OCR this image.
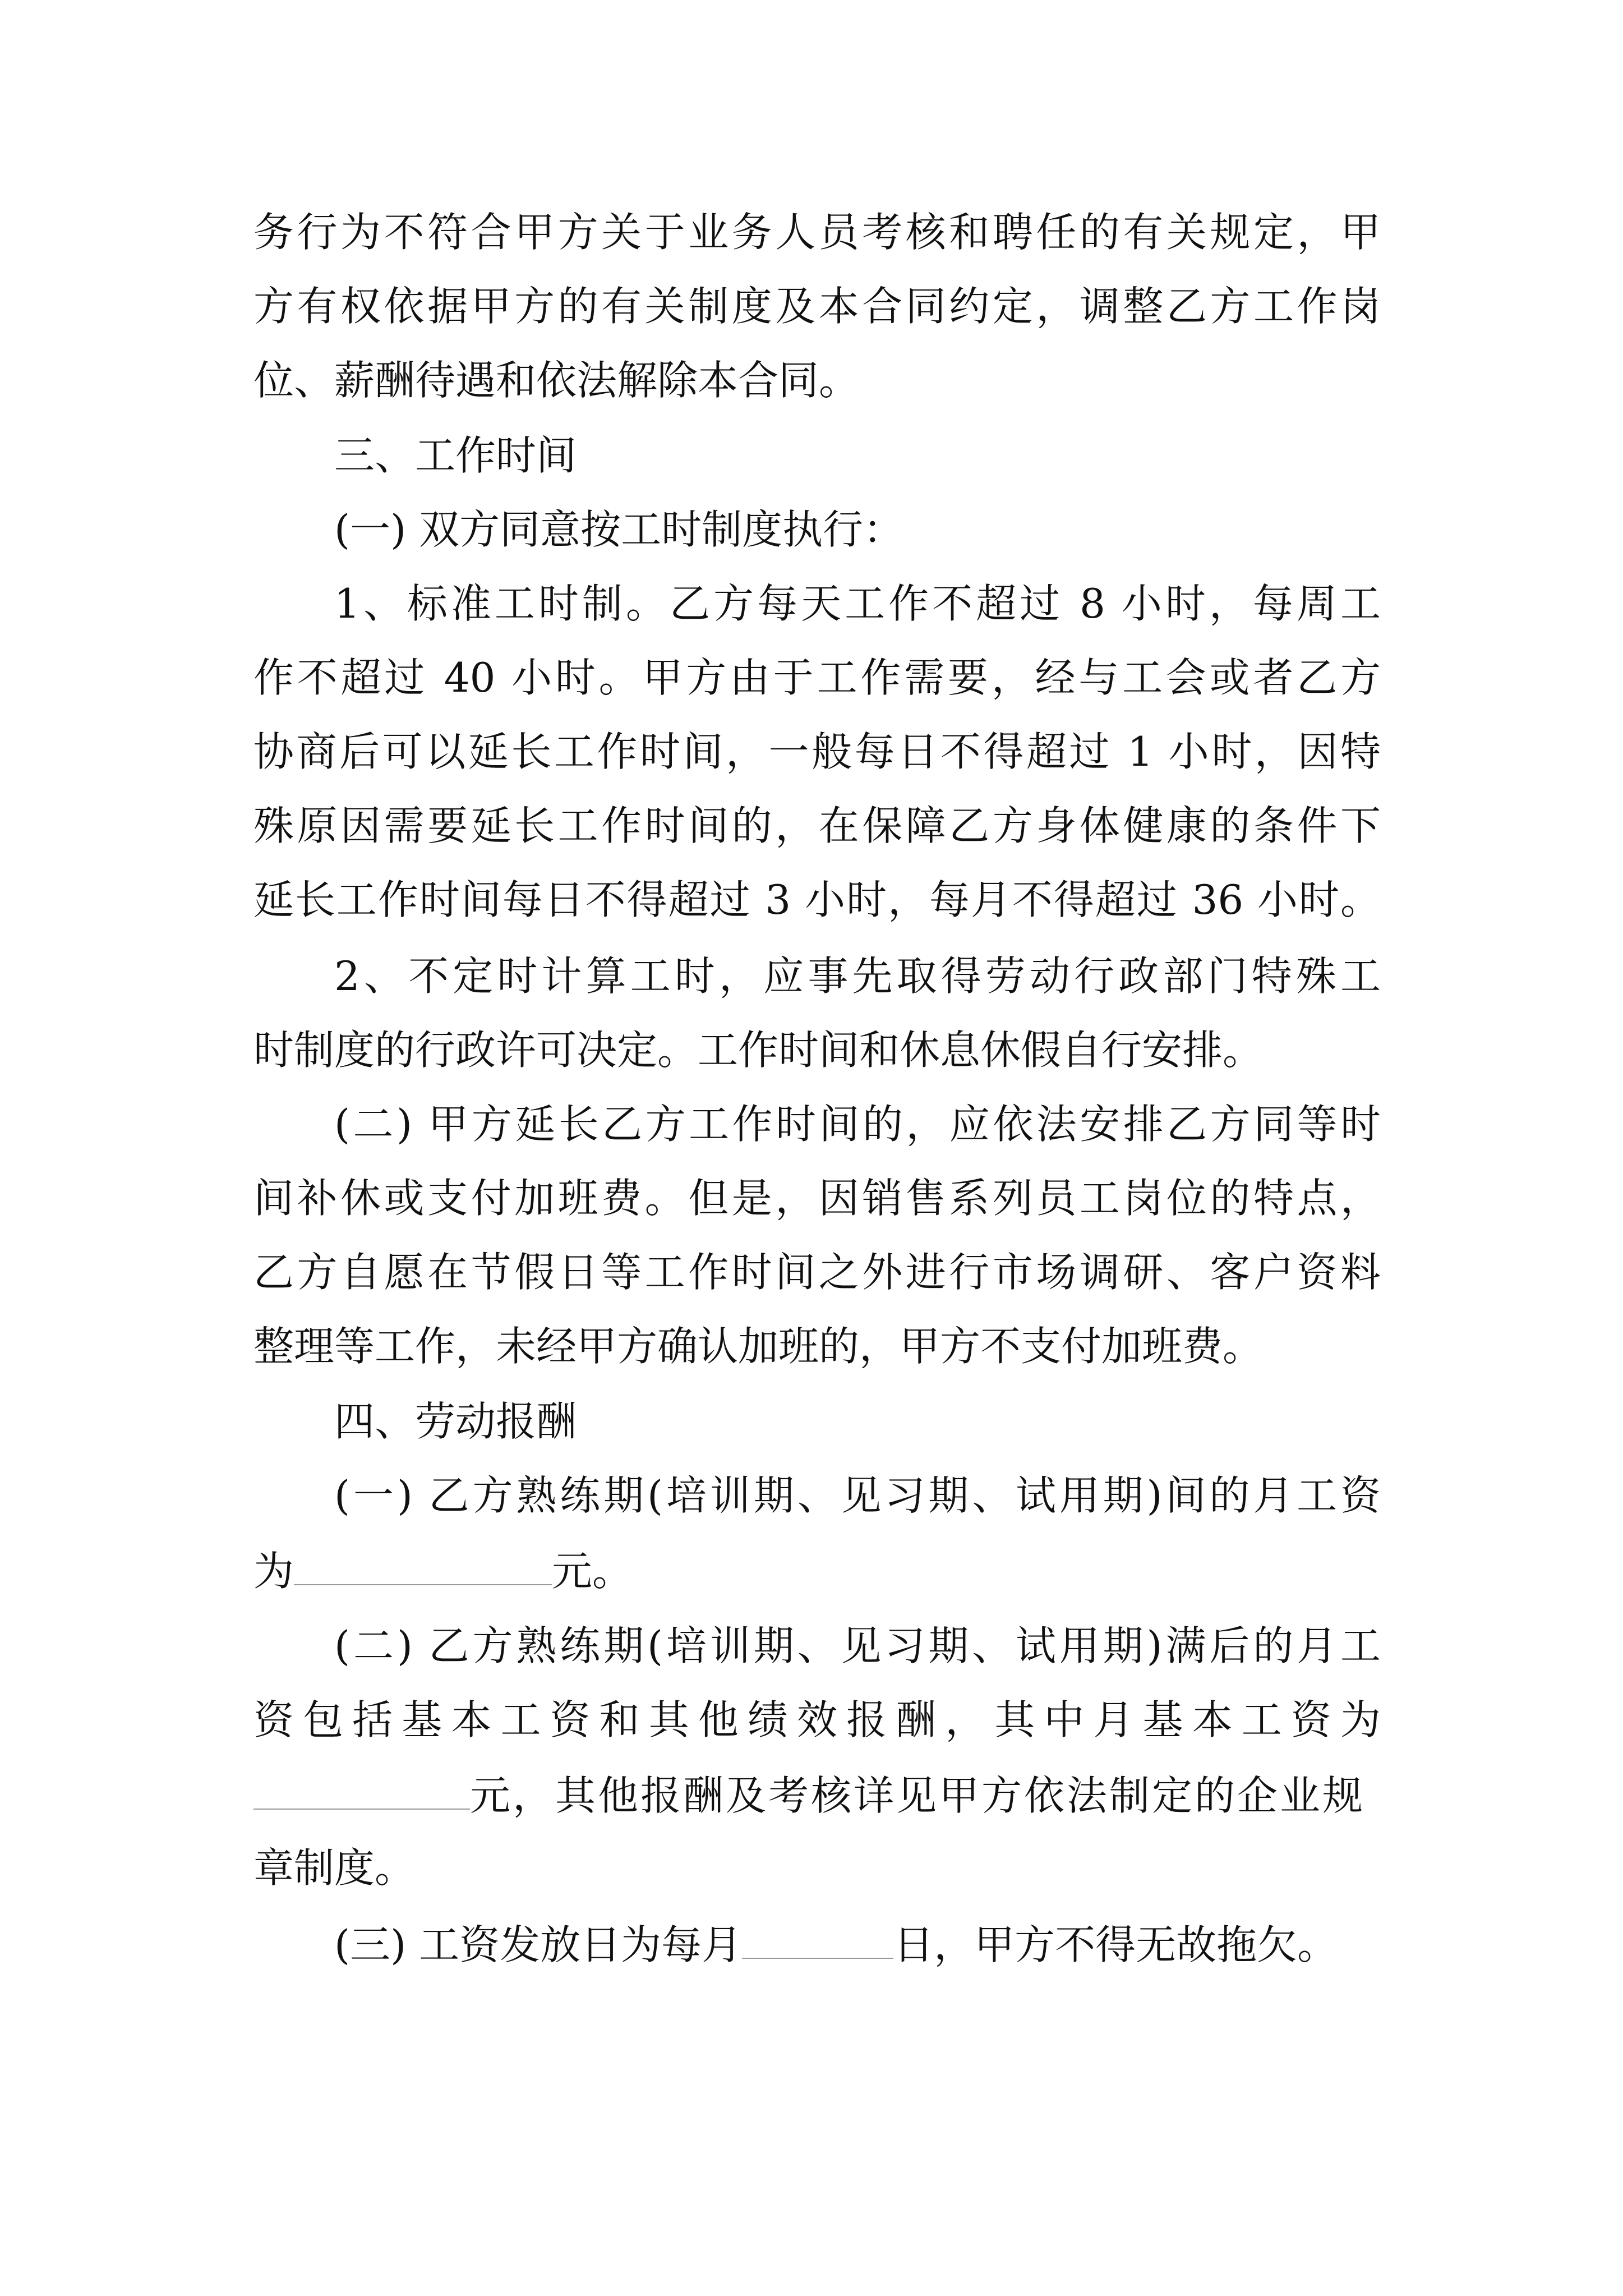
务行为不符合甲方关于业务人员考核和聘任的有关规定，甲
方有权依据甲方的有关制度及本合同约定，调整乙方工作岗
位、薪酬待遇和依法解除本合同。
三、工作时间
(一) 双方同意按工时制度执行：
1、标准工时制。乙方每天工作不超过 8 小时，每周工
作不超过 40 小时。甲方由于工作需要，经与工会或者乙方
协商后可以延长工作时间，一般每日不得超过 1 小时，因特
殊原因需要延长工作时间的，在保障乙方身体健康的条件下
延长工作时间每日不得超过 3 小时，每月不得超过 36 小时。
2、不定时计算工时，应事先取得劳动行政部门特殊工
时制度的行政许可决定。工作时间和休息休假自行安排。
(二) 甲方延长乙方工作时间的，应依法安排乙方同等时
间补休或支付加班费。但是，因销售系列员工岗位的特点，
乙方自愿在节假日等工作时间之外进行市场调研、客户资料
整理等工作，未经甲方确认加班的，甲方不支付加班费。
四、劳动报酬
(一) 乙方熟练期(培训期、见习期、试用期)间的月工资
为	元。
(二) 乙方熟练期(培训期、见习期、试用期)满后的月工
资包括基本工资和其他绩效报酬，其中月基本工资为
元，其他报酬及考核详见甲方依法制定的企业规
章制度。
(三) 工资发放日为每月	日，甲方不得无故拖欠。
